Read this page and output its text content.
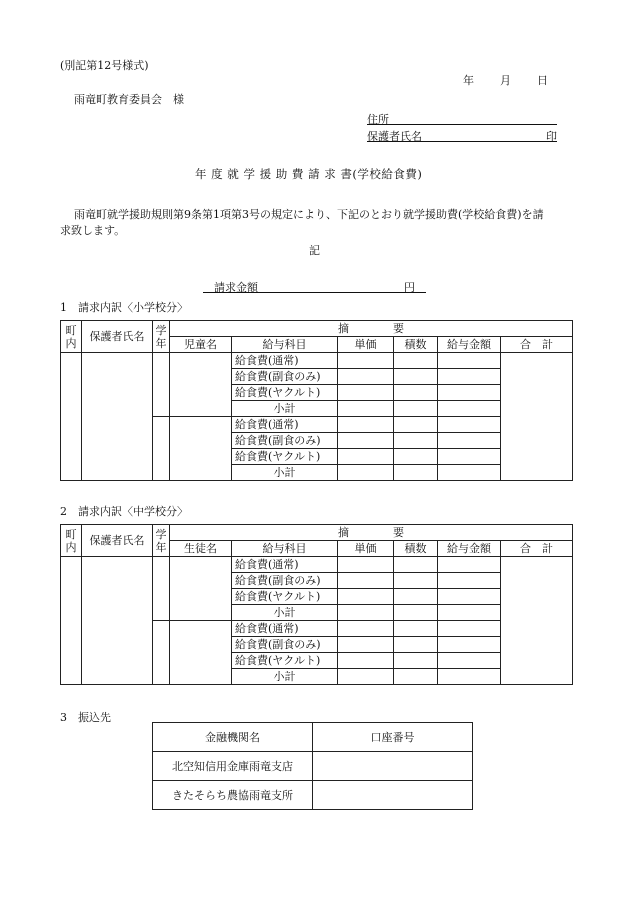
(別記第12号様式)
年 月 日
雨竜町教育委員会　様
住所
保護者氏名	印
年 度 就 学 援 助 費 請 求 書(学校給食費)
雨竜町就学援助規則第9条第1項第3号の規定により、下記のとおり就学援助費(学校給食費)を請
求致します。
記
請求金額	円
1　請求内訳〈小学校分〉
町内	保護者氏名	学年	摘　　　　要					
			児童名	給与科目	単価	積数	給与金額	合　計
				給食費(通常)				
				給食費(副食のみ)				
				給食費(ヤクルト)				
				小計				
				給食費(通常)				
				給食費(副食のみ)				
				給食費(ヤクルト)				
				小計				
2　請求内訳〈中学校分〉
町内	保護者氏名	学年	摘　　　　要					
			生徒名	給与科目	単価	積数	給与金額	合　計
				給食費(通常)				
				給食費(副食のみ)				
				給食費(ヤクルト)				
				小計				
				給食費(通常)				
				給食費(副食のみ)				
				給食費(ヤクルト)				
				小計				
3　振込先
金融機関名	口座番号
北空知信用金庫雨竜支店	
きたそらち農協雨竜支所	
